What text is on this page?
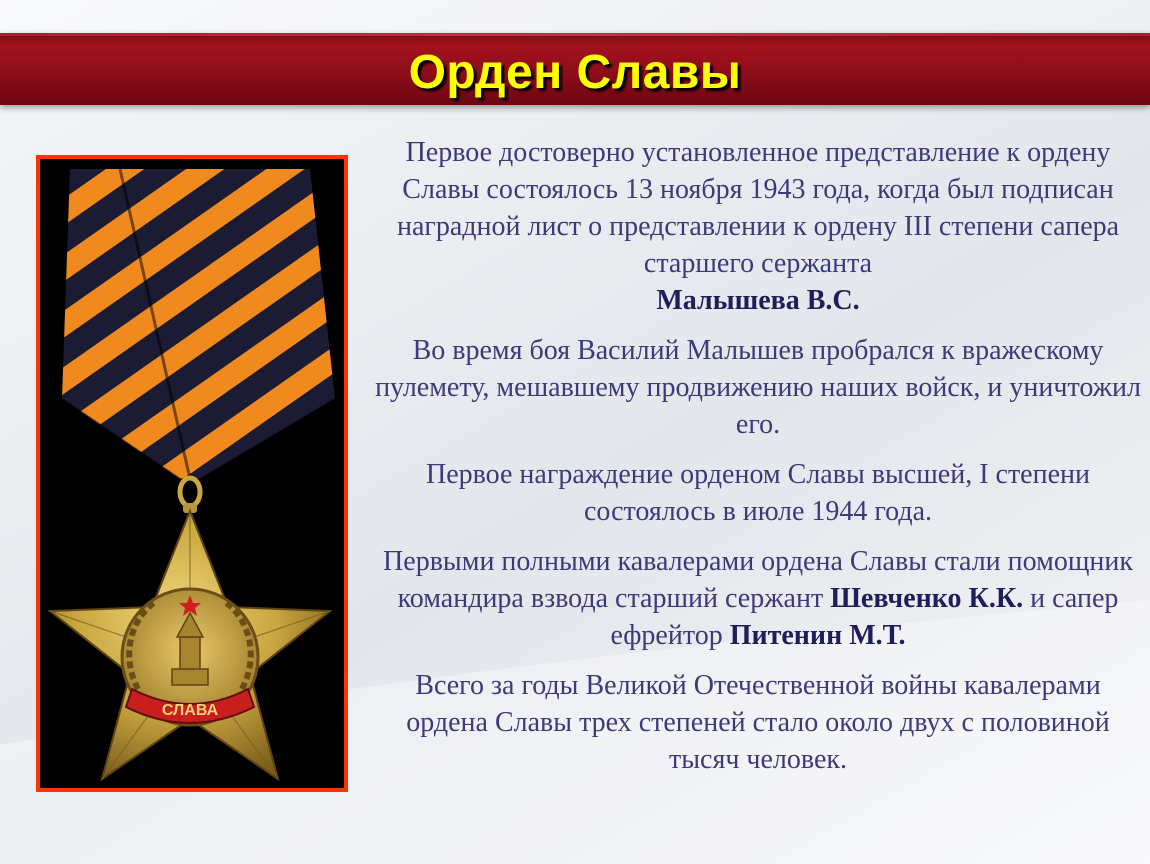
Орден Славы
СЛАВА

Первое достоверно установленное представление к ордену Славы состоялось 13 ноября 1943 года, когда был подписан наградной лист о представлении к ордену III степени сапера старшего сержанта
Малышева В.С.

Во время боя Василий Малышев пробрался к вражескому пулемету, мешавшему продвижению наших войск, и уничтожил его.

Первое награждение орденом Славы высшей, I степени состоялось в июле 1944 года.

Первыми полными кавалерами ордена Славы стали помощник командира взвода старший сержант Шевченко К.К. и сапер ефрейтор Питенин М.Т.

Всего за годы Великой Отечественной войны кавалерами ордена Славы трех степеней стало около двух с половиной тысяч человек.
